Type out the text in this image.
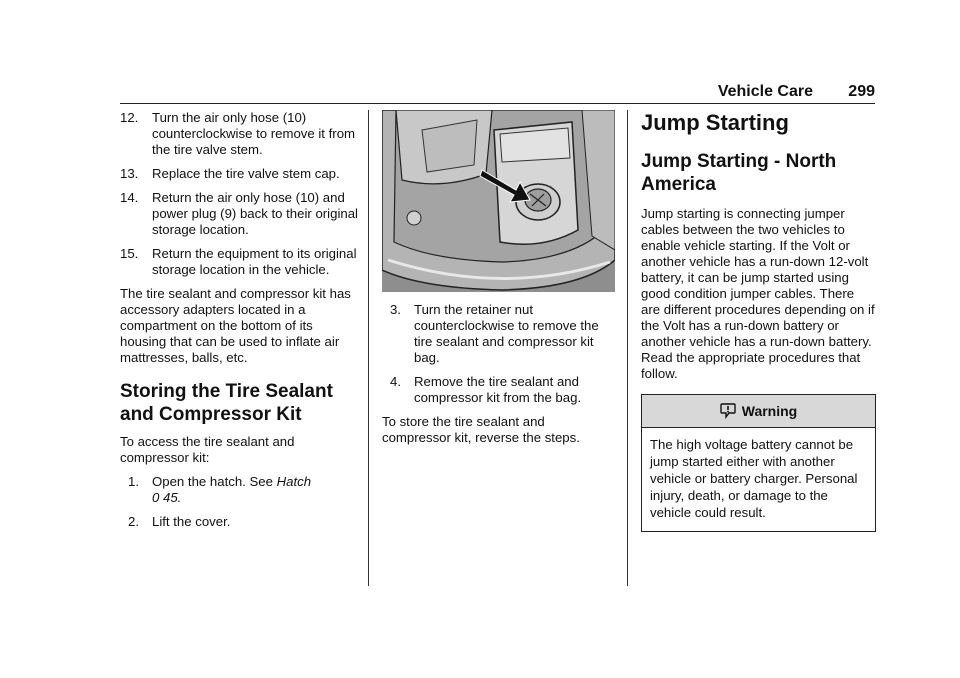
Vehicle Care 299
12. Turn the air only hose (10) counterclockwise to remove it from the tire valve stem.
13. Replace the tire valve stem cap.
14. Return the air only hose (10) and power plug (9) back to their original storage location.
15. Return the equipment to its original storage location in the vehicle.

The tire sealant and compressor kit has accessory adapters located in a compartment on the bottom of its housing that can be used to inflate air mattresses, balls, etc.

Storing the Tire Sealant and Compressor Kit

To access the tire sealant and compressor kit:

1. Open the hatch. See Hatch
0 45.
2. Lift the cover.
3. Turn the retainer nut counterclockwise to remove the tire sealant and compressor kit bag.
4. Remove the tire sealant and compressor kit from the bag.

To store the tire sealant and compressor kit, reverse the steps.

Jump Starting
Jump Starting - North America

Jump starting is connecting jumper cables between the two vehicles to enable vehicle starting. If the Volt or another vehicle has a run-down 12-volt battery, it can be jump started using good condition jumper cables. There are different procedures depending on if the Volt has a run-down battery or another vehicle has a run-down battery. Read the appropriate procedures that follow.

Warning
The high voltage battery cannot be jump started either with another vehicle or battery charger. Personal injury, death, or damage to the vehicle could result.
